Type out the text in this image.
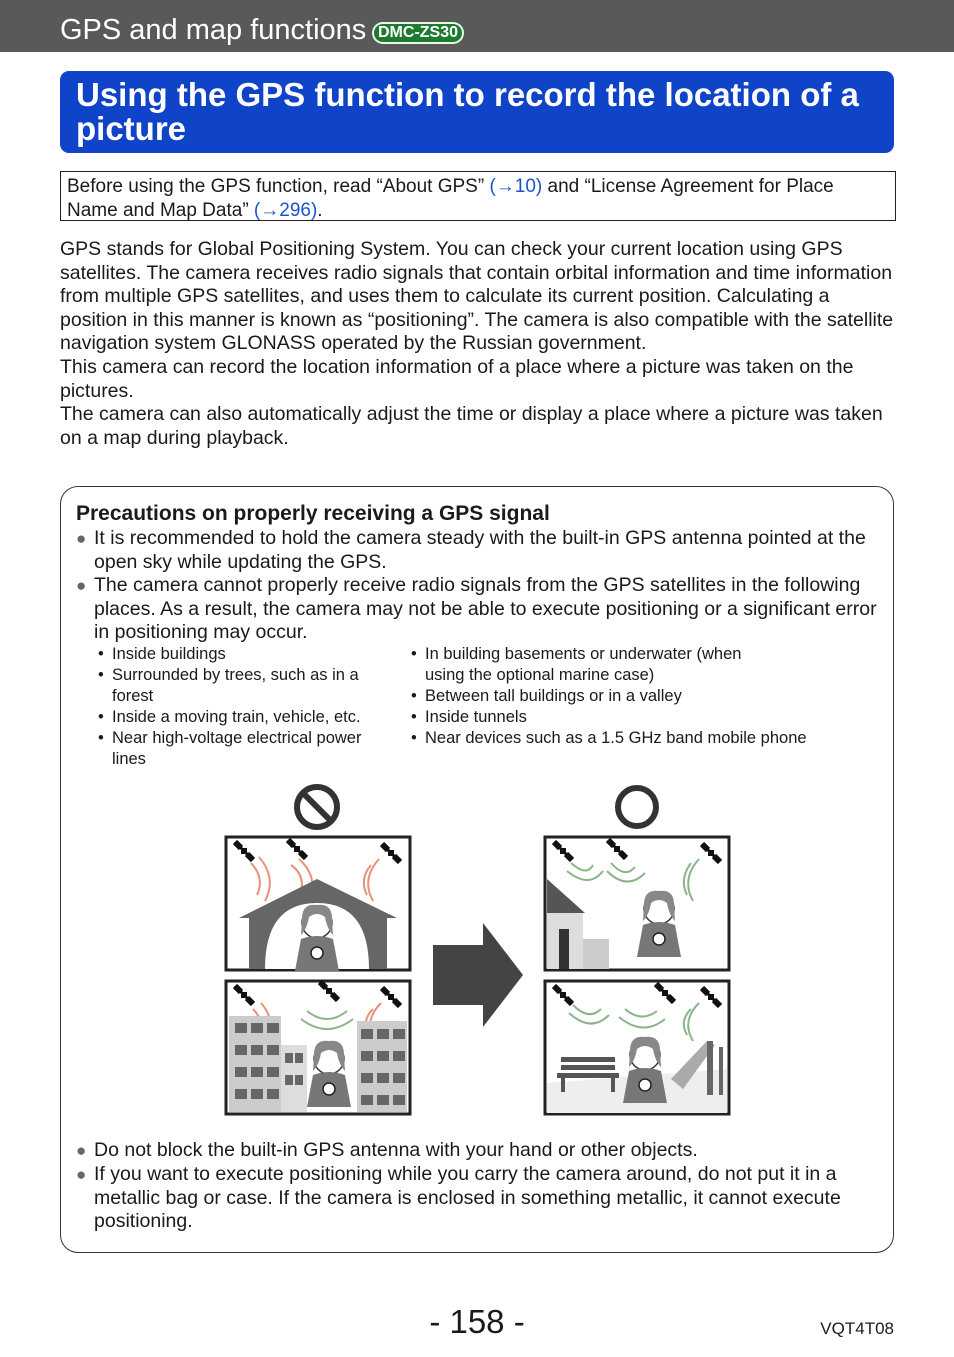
GPS and map functions DMC-ZS30
Using the GPS function to record the location of a picture
Before using the GPS function, read “About GPS” (→10) and “License Agreement for Place Name and Map Data” (→296).

GPS stands for Global Positioning System. You can check your current location using GPS satellites. The camera receives radio signals that contain orbital information and time information from multiple GPS satellites, and uses them to calculate its current position. Calculating a position in this manner is known as “positioning”. The camera is also compatible with the satellite navigation system GLONASS operated by the Russian government.

This camera can record the location information of a place where a picture was taken on the pictures.

The camera can also automatically adjust the time or display a place where a picture was taken on a map during playback.

Precautions on properly receiving a GPS signal
● It is recommended to hold the camera steady with the built-in GPS antenna pointed at the open sky while updating the GPS.
● The camera cannot properly receive radio signals from the GPS satellites in the following places. As a result, the camera may not be able to execute positioning or a significant error in positioning may occur.
• Inside buildings
• Surrounded by trees, such as in a forest
• Inside a moving train, vehicle, etc.
• Near high-voltage electrical power lines
• In building basements or underwater (when using the optional marine case)
• Between tall buildings or in a valley
• Inside tunnels
• Near devices such as a 1.5 GHz band mobile phone
● Do not block the built-in GPS antenna with your hand or other objects.
● If you want to execute positioning while you carry the camera around, do not put it in a metallic bag or case. If the camera is enclosed in something metallic, it cannot execute positioning.
- 158 -	VQT4T08
